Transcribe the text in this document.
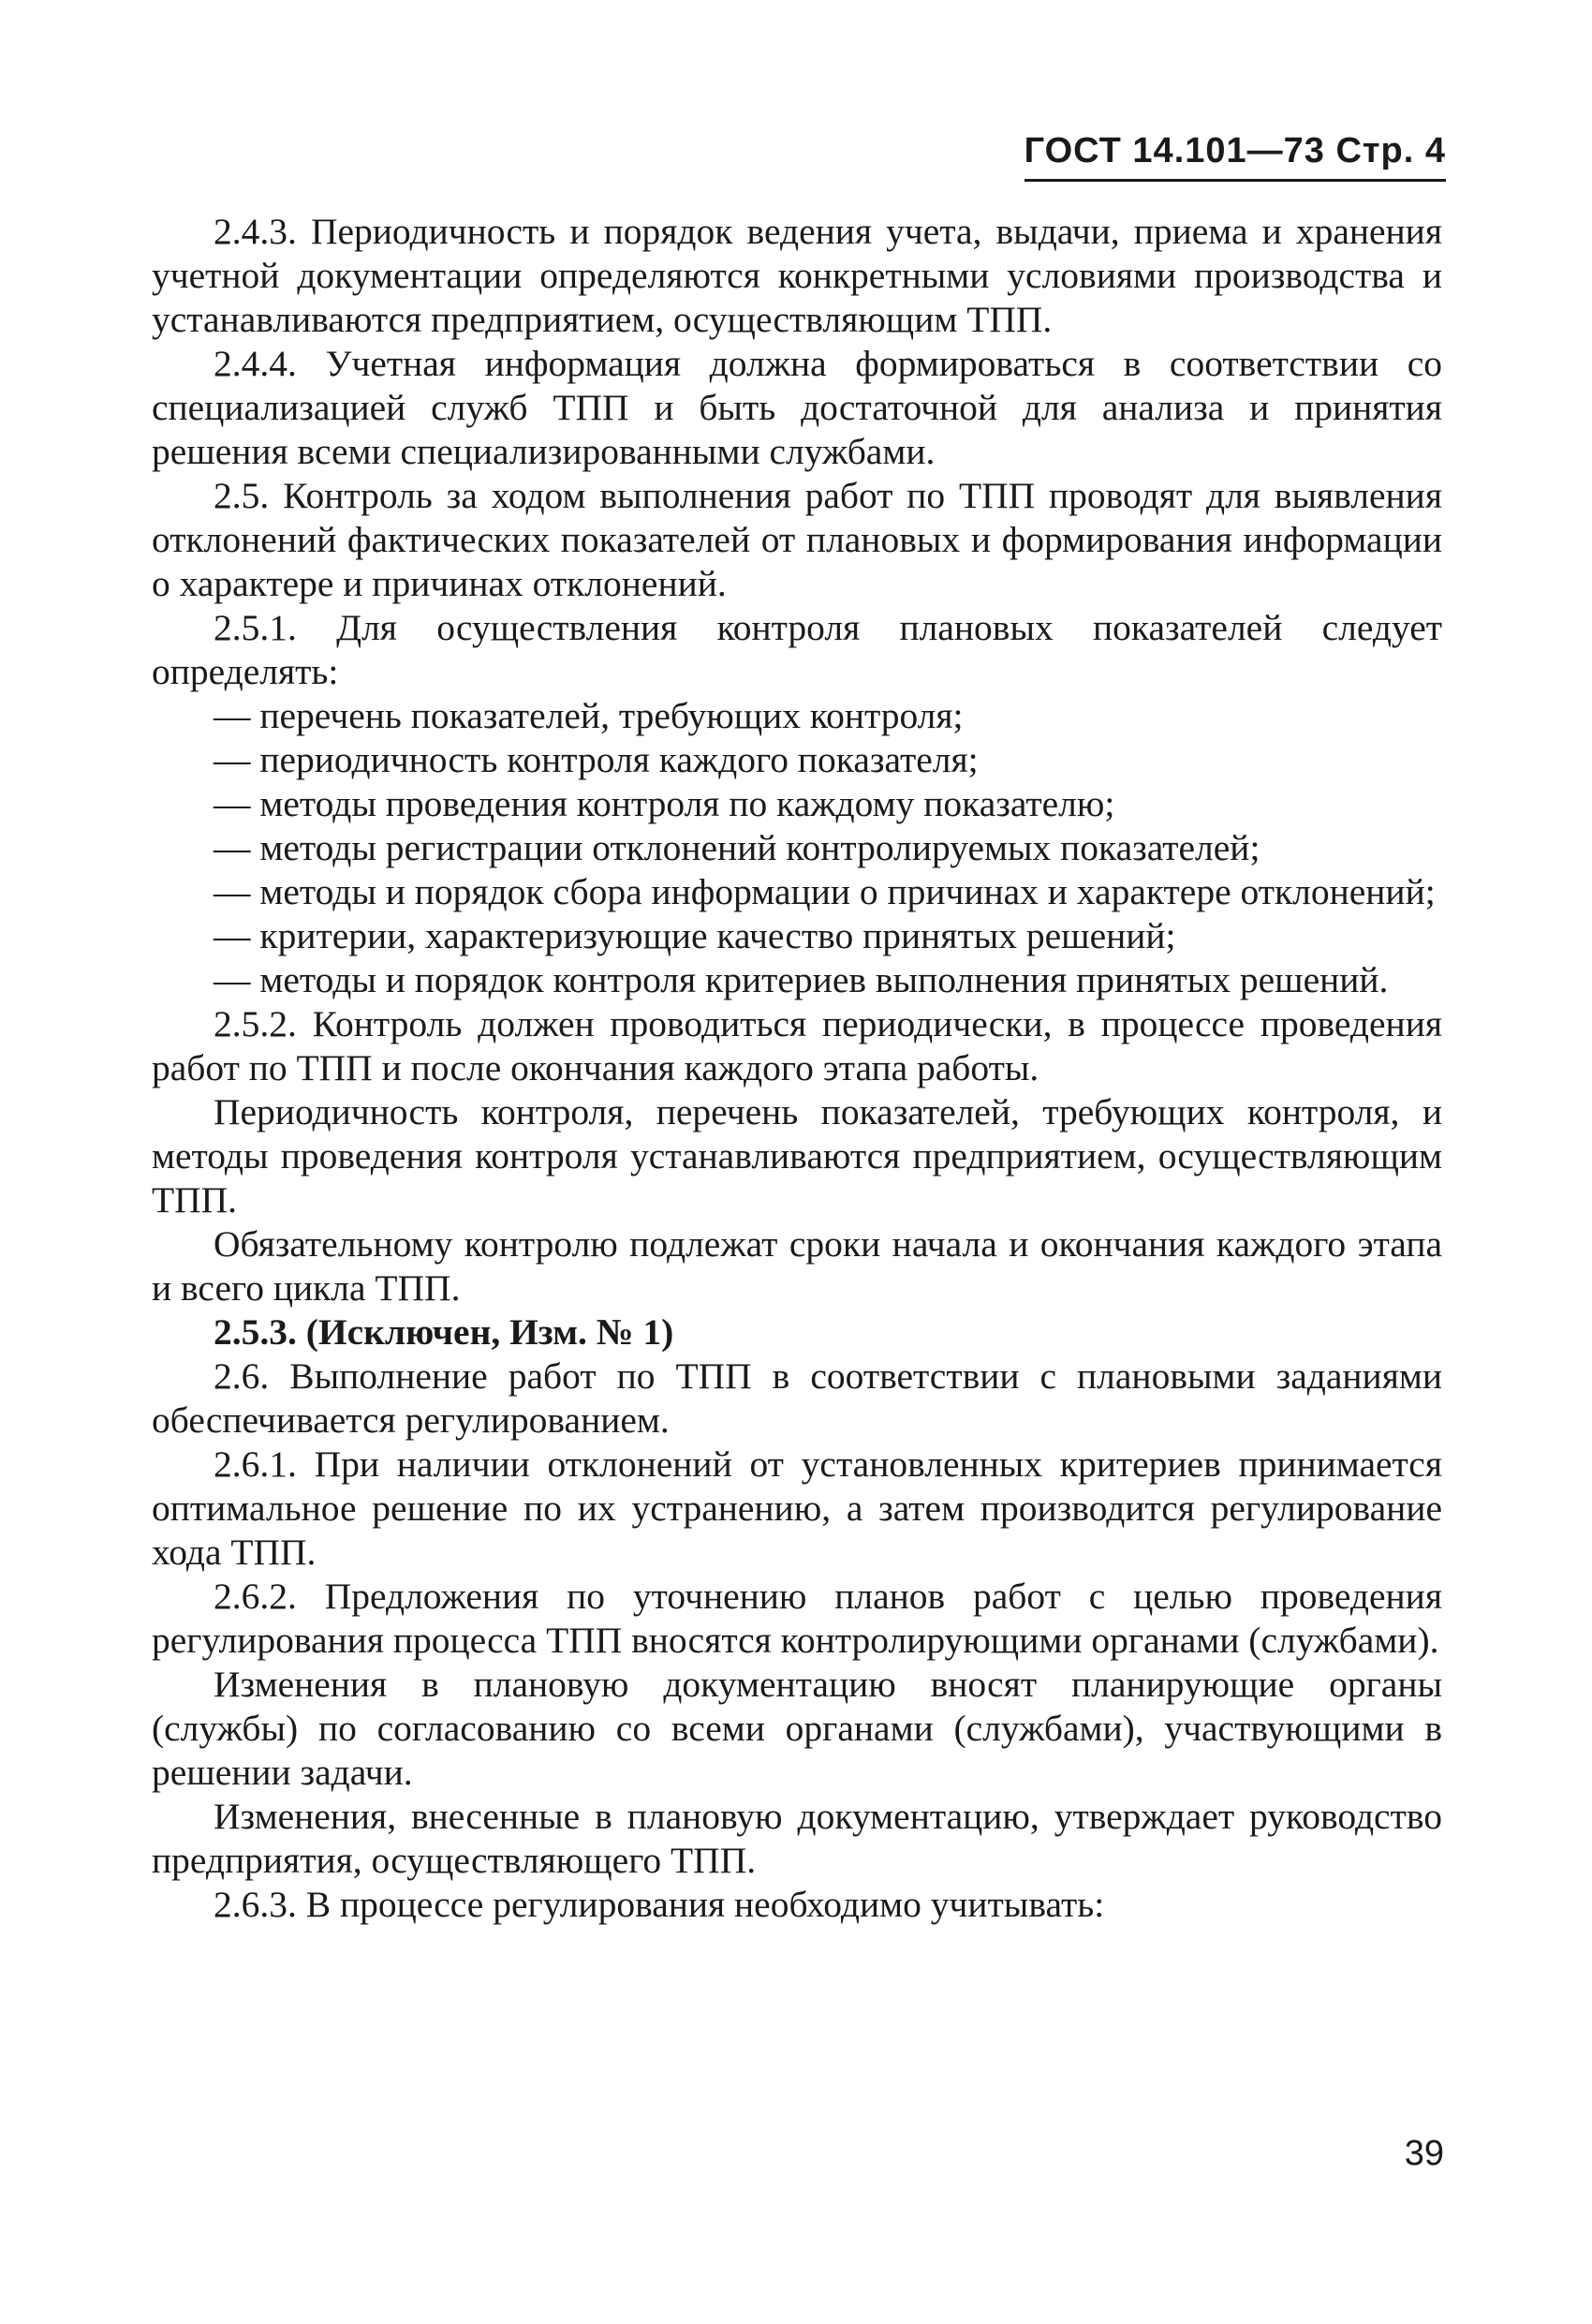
ГОСТ 14.101—73 Стр. 4

2.4.3. Периодичность и порядок ведения учета, выдачи, приема и хранения учетной документации определяются конкретными условиями производства и устанавливаются предприятием, осуществляющим ТПП.

2.4.4. Учетная информация должна формироваться в соответствии со специализацией служб ТПП и быть достаточной для анализа и принятия решения всеми специализированными службами.

2.5. Контроль за ходом выполнения работ по ТПП проводят для выявления отклонений фактических показателей от плановых и формирования информации о характере и причинах отклонений.

2.5.1. Для осуществления контроля плановых показателей следует определять:

— перечень показателей, требующих контроля;

— периодичность контроля каждого показателя;

— методы проведения контроля по каждому показателю;

— методы регистрации отклонений контролируемых показателей;

— методы и порядок сбора информации о причинах и характере отклонений;

— критерии, характеризующие качество принятых решений;

— методы и порядок контроля критериев выполнения принятых решений.

2.5.2. Контроль должен проводиться периодически, в процессе проведения работ по ТПП и после окончания каждого этапа работы.

Периодичность контроля, перечень показателей, требующих контроля, и методы проведения контроля устанавливаются предприятием, осуществляющим ТПП.

Обязательному контролю подлежат сроки начала и окончания каждого этапа и всего цикла ТПП.

2.5.3. (Исключен, Изм. № 1)

2.6. Выполнение работ по ТПП в соответствии с плановыми заданиями обеспечивается регулированием.

2.6.1. При наличии отклонений от установленных критериев принимается оптимальное решение по их устранению, а затем производится регулирование хода ТПП.

2.6.2. Предложения по уточнению планов работ с целью проведения регулирования процесса ТПП вносятся контролирующими органами (службами).

Изменения в плановую документацию вносят планирующие органы (службы) по согласованию со всеми органами (службами), участвующими в решении задачи.

Изменения, внесенные в плановую документацию, утверждает руководство предприятия, осуществляющего ТПП.

2.6.3. В процессе регулирования необходимо учитывать:

39
